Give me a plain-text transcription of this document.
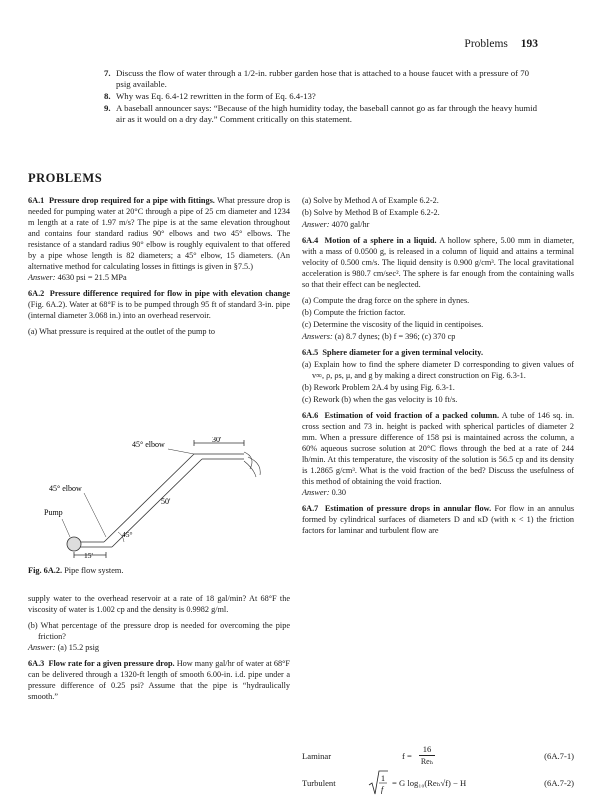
Problems 193
7. Discuss the flow of water through a 1/2-in. rubber garden hose that is attached to a house faucet with a pressure of 70 psig available.
8. Why was Eq. 6.4-12 rewritten in the form of Eq. 6.4-13?
9. A baseball announcer says: “Because of the high humidity today, the baseball cannot go as far through the heavy humid air as it would on a dry day.” Comment critically on this statement.
PROBLEMS

6A.1 Pressure drop required for a pipe with fittings. What pressure drop is needed for pumping water at 20°C through a pipe of 25 cm diameter and 1234 m length at a rate of 1.97 m/s? The pipe is at the same elevation throughout and contains four standard radius 90° elbows and two 45° elbows. The resistance of a standard radius 90° elbow is roughly equivalent to that offered by a pipe whose length is 82 diameters; a 45° elbow, 15 diameters. (An alternative method for calculating losses in fittings is given in §7.5.)
Answer: 4630 psi = 21.5 MPa

6A.2 Pressure difference required for flow in pipe with elevation change (Fig. 6A.2). Water at 68°F is to be pumped through 95 ft of standard 3-in. pipe (internal diameter 3.068 in.) into an overhead reservoir.

(a) What pressure is required at the outlet of the pump to

45° elbow
30'
45° elbow
Pump
50'
45°
15'
Fig. 6A.2. Pipe flow system.

supply water to the overhead reservoir at a rate of 18 gal/min? At 68°F the viscosity of water is 1.002 cp and the density is 0.9982 g/ml.

(b) What percentage of the pressure drop is needed for overcoming the pipe friction?

Answer: (a) 15.2 psig

6A.3 Flow rate for a given pressure drop. How many gal/hr of water at 68°F can be delivered through a 1320-ft length of smooth 6.00-in. i.d. pipe under a pressure difference of 0.25 psi? Assume that the pipe is “hydraulically smooth.”

(a) Solve by Method A of Example 6.2-2.

(b) Solve by Method B of Example 6.2-2.

Answer: 4070 gal/hr

6A.4 Motion of a sphere in a liquid. A hollow sphere, 5.00 mm in diameter, with a mass of 0.0500 g, is released in a column of liquid and attains a terminal velocity of 0.500 cm/s. The liquid density is 0.900 g/cm³. The local gravitational acceleration is 980.7 cm/sec². The sphere is far enough from the containing walls so that their effect can be neglected.

(a) Compute the drag force on the sphere in dynes.

(b) Compute the friction factor.

(c) Determine the viscosity of the liquid in centipoises.

Answers: (a) 8.7 dynes; (b) f = 396; (c) 370 cp

6A.5 Sphere diameter for a given terminal velocity.

(a) Explain how to find the sphere diameter D corresponding to given values of v∞, ρ, ρs, μ, and g by making a direct construction on Fig. 6.3-1.

(b) Rework Problem 2A.4 by using Fig. 6.3-1.

(c) Rework (b) when the gas velocity is 10 ft/s.

6A.6 Estimation of void fraction of a packed column. A tube of 146 sq. in. cross section and 73 in. height is packed with spherical particles of diameter 2 mm. When a pressure difference of 158 psi is maintained across the column, a 60% aqueous sucrose solution at 20°C flows through the bed at a rate of 244 lb/min. At this temperature, the viscosity of the solution is 56.5 cp and its density is 1.2865 g/cm³. What is the void fraction of the bed? Discuss the usefulness of this method of obtaining the void fraction.
Answer: 0.30

6A.7 Estimation of pressure drops in annular flow. For flow in an annulus formed by cylindrical surfaces of diameters D and κD (with κ < 1) the friction factors for laminar and turbulent flow are

Laminar	f =
16
Reₕ
(6A.7-1)
Turbulent	1
f
= G log₁₀(Reₕ√f) − H	(6A.7-2)
